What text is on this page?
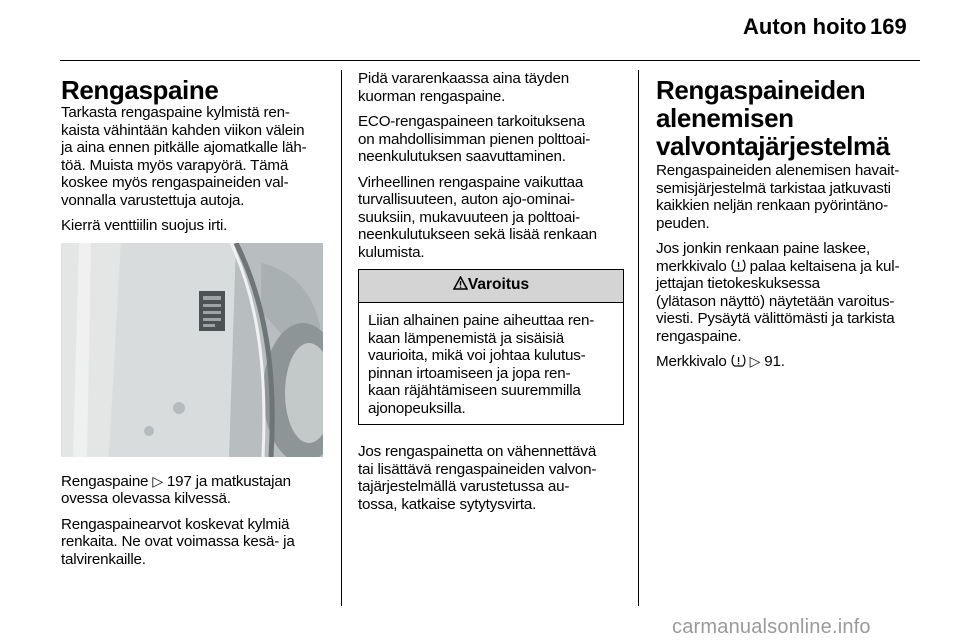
Auton hoito 169
Rengaspaine

Tarkasta rengaspaine kylmistä ren-
kaista vähintään kahden viikon välein
ja aina ennen pitkälle ajomatkalle läh-
töä. Muista myös varapyörä. Tämä
koskee myös rengaspaineiden val-
vonnalla varustettuja autoja.

Kierrä venttiilin suojus irti.

Rengaspaine ▷ 197 ja matkustajan
ovessa olevassa kilvessä.

Rengaspainearvot koskevat kylmiä
renkaita. Ne ovat voimassa kesä- ja
talvirenkaille.

Pidä vararenkaassa aina täyden
kuorman rengaspaine.

ECO-rengaspaineen tarkoituksena
on mahdollisimman pienen polttoai-
neenkulutuksen saavuttaminen.

Virheellinen rengaspaine vaikuttaa
turvallisuuteen, auton ajo-ominai-
suuksiin, mukavuuteen ja polttoai-
neenkulutukseen sekä lisää renkaan
kulumista.

Varoitus

Liian alhainen paine aiheuttaa ren-
kaan lämpenemistä ja sisäisiä
vaurioita, mikä voi johtaa kulutus-
pinnan irtoamiseen ja jopa ren-
kaan räjähtämiseen suuremmilla
ajonopeuksilla.

Jos rengaspainetta on vähennettävä
tai lisättävä rengaspaineiden valvon-
tajärjestelmällä varustetussa au-
tossa, katkaise sytytysvirta.

Rengaspaineiden
alenemisen
valvontajärjestelmä

Rengaspaineiden alenemisen havait-
semisjärjestelmä tarkistaa jatkuvasti
kaikkien neljän renkaan pyörintäno-
peuden.

Jos jonkin renkaan paine laskee,
merkkivalo  palaa keltaisena ja kul-
jettajan tietokeskuksessa
(ylätason näyttö) näytetään varoitus-
viesti. Pysäytä välittömästi ja tarkista
rengaspaine.

Merkkivalo  ▷ 91.

carmanualsonline.info
